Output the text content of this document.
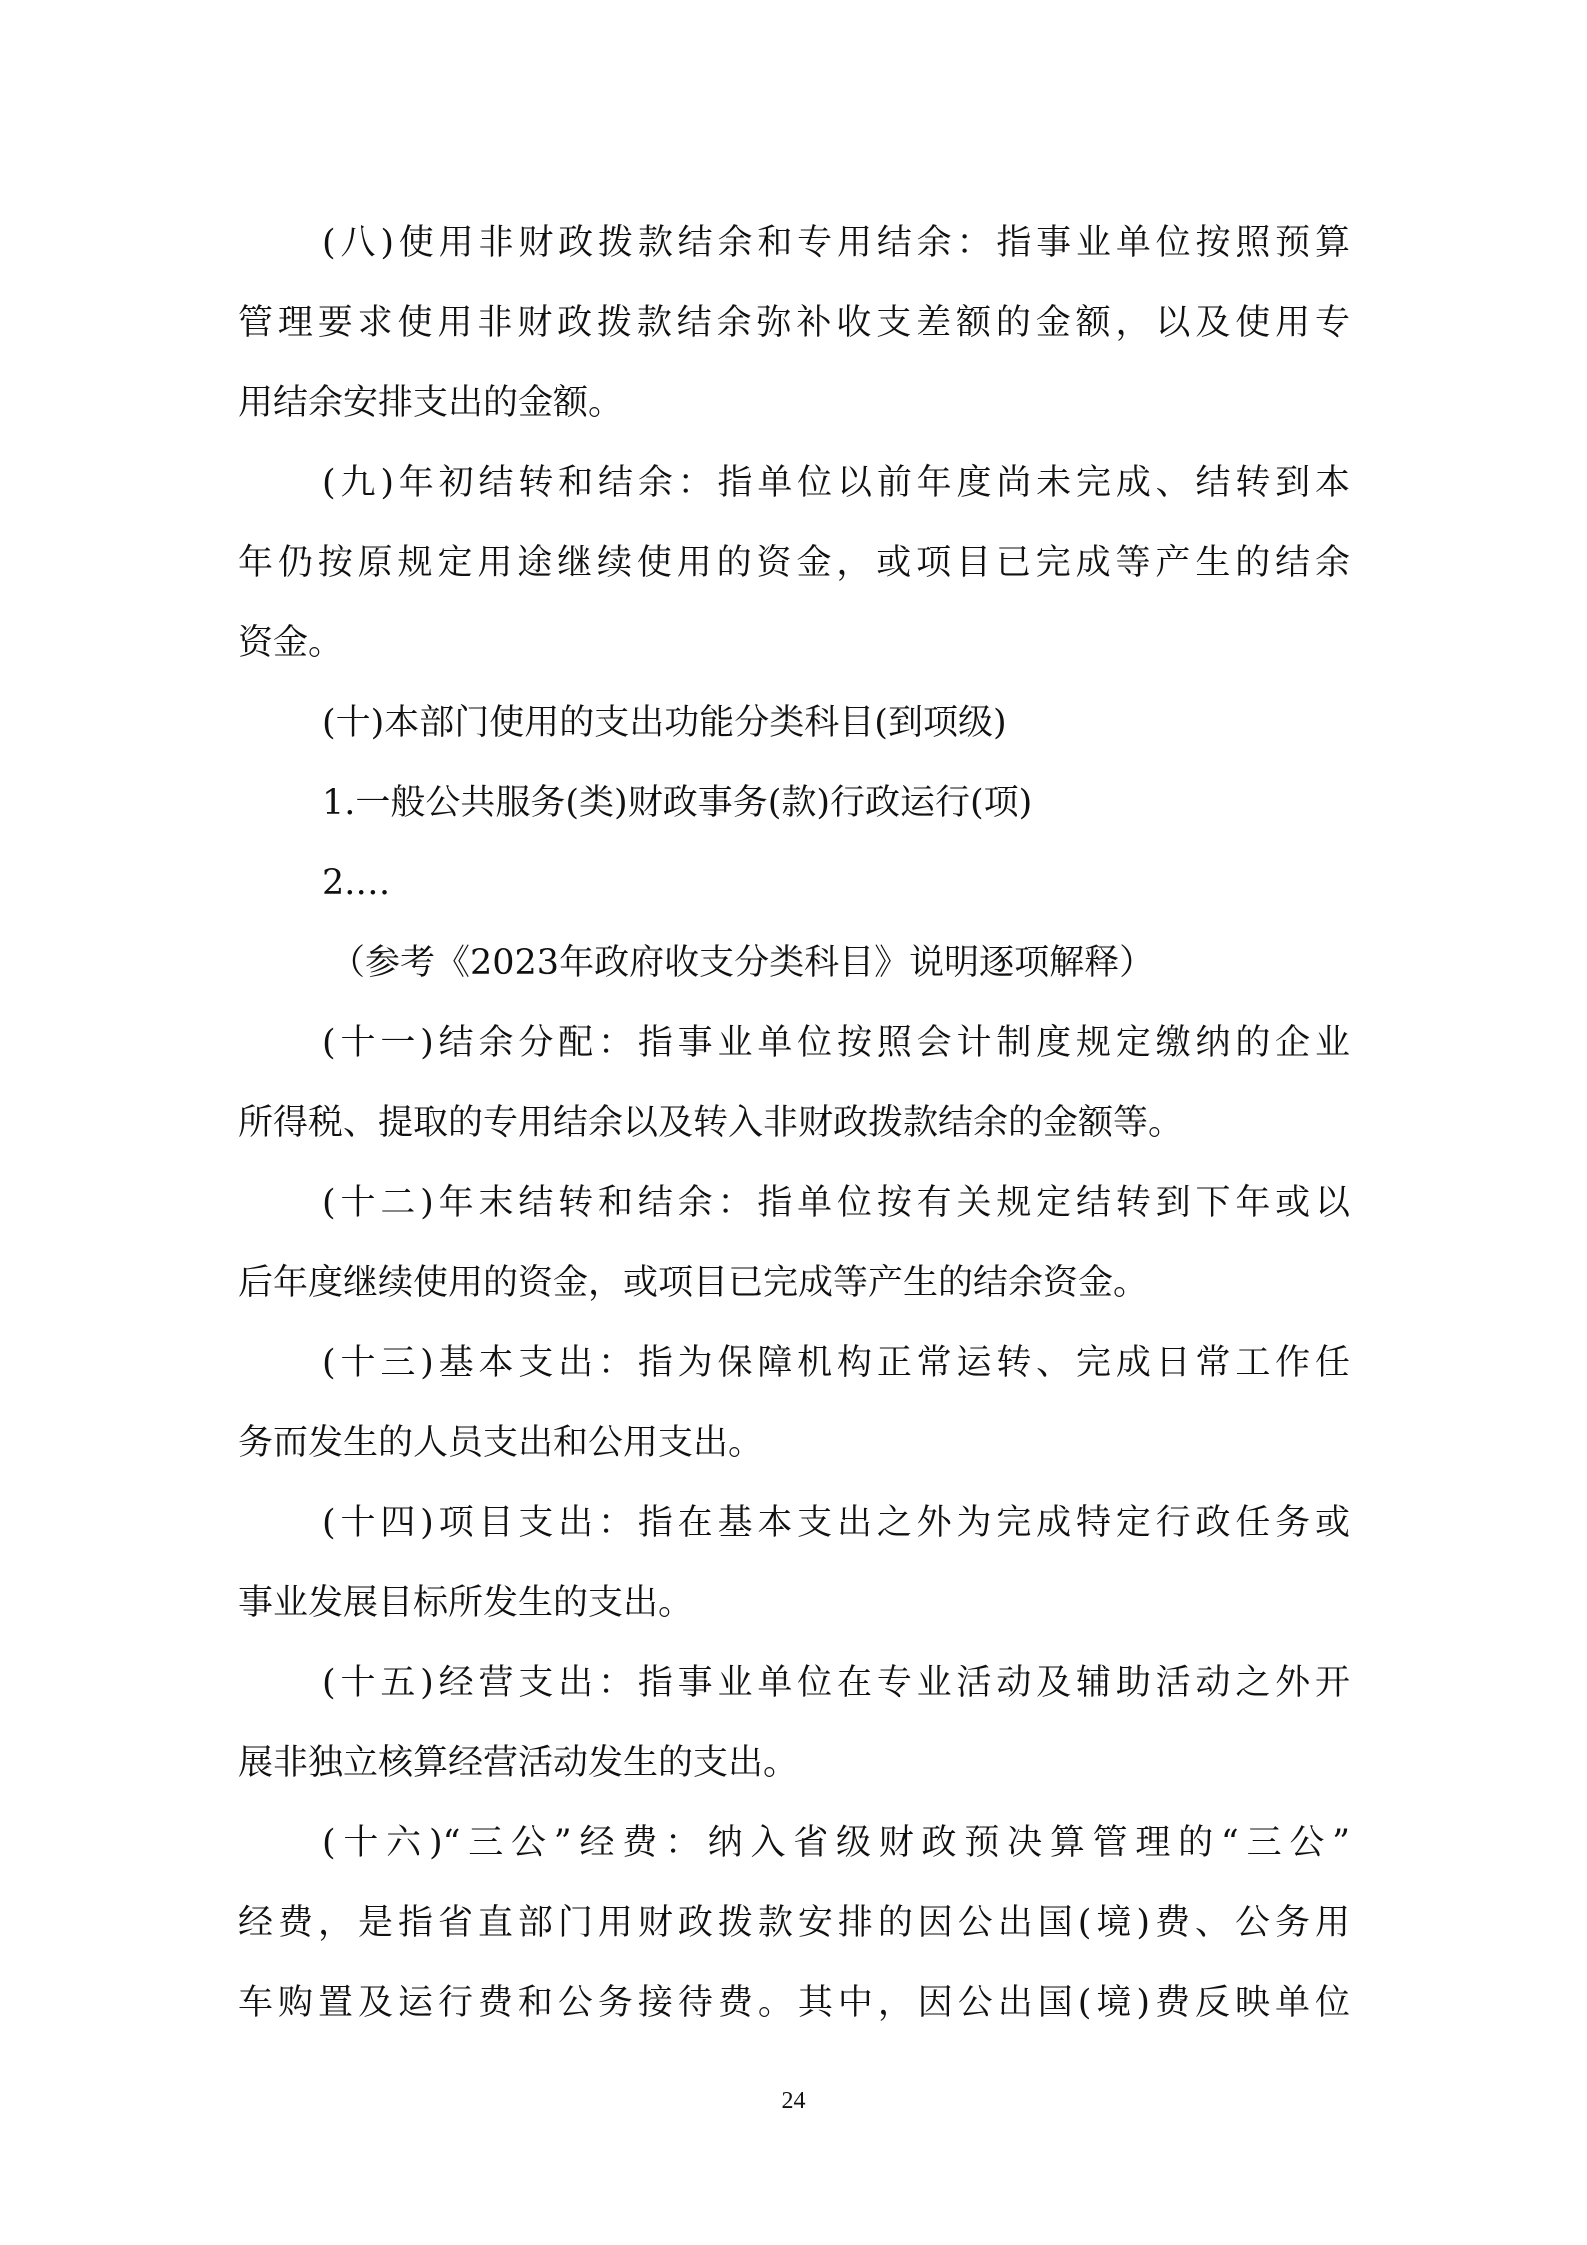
(八)使用非财政拨款结余和专用结余：指事业单位按照预算
管理要求使用非财政拨款结余弥补收支差额的金额，以及使用专
用结余安排支出的金额。
(九)年初结转和结余：指单位以前年度尚未完成、结转到本
年仍按原规定用途继续使用的资金，或项目已完成等产生的结余
资金。
(十)本部门使用的支出功能分类科目(到项级)
1.一般公共服务(类)财政事务(款)行政运行(项)
2.…
（参考《2023年政府收支分类科目》说明逐项解释）
(十一)结余分配：指事业单位按照会计制度规定缴纳的企业
所得税、提取的专用结余以及转入非财政拨款结余的金额等。
(十二)年末结转和结余：指单位按有关规定结转到下年或以
后年度继续使用的资金，或项目已完成等产生的结余资金。
(十三)基本支出：指为保障机构正常运转、完成日常工作任
务而发生的人员支出和公用支出。
(十四)项目支出：指在基本支出之外为完成特定行政任务或
事业发展目标所发生的支出。
(十五)经营支出：指事业单位在专业活动及辅助活动之外开
展非独立核算经营活动发生的支出。
(十六)“三公”经费：纳入省级财政预决算管理的“三公”
经费，是指省直部门用财政拨款安排的因公出国(境)费、公务用
车购置及运行费和公务接待费。其中，因公出国(境)费反映单位
24
